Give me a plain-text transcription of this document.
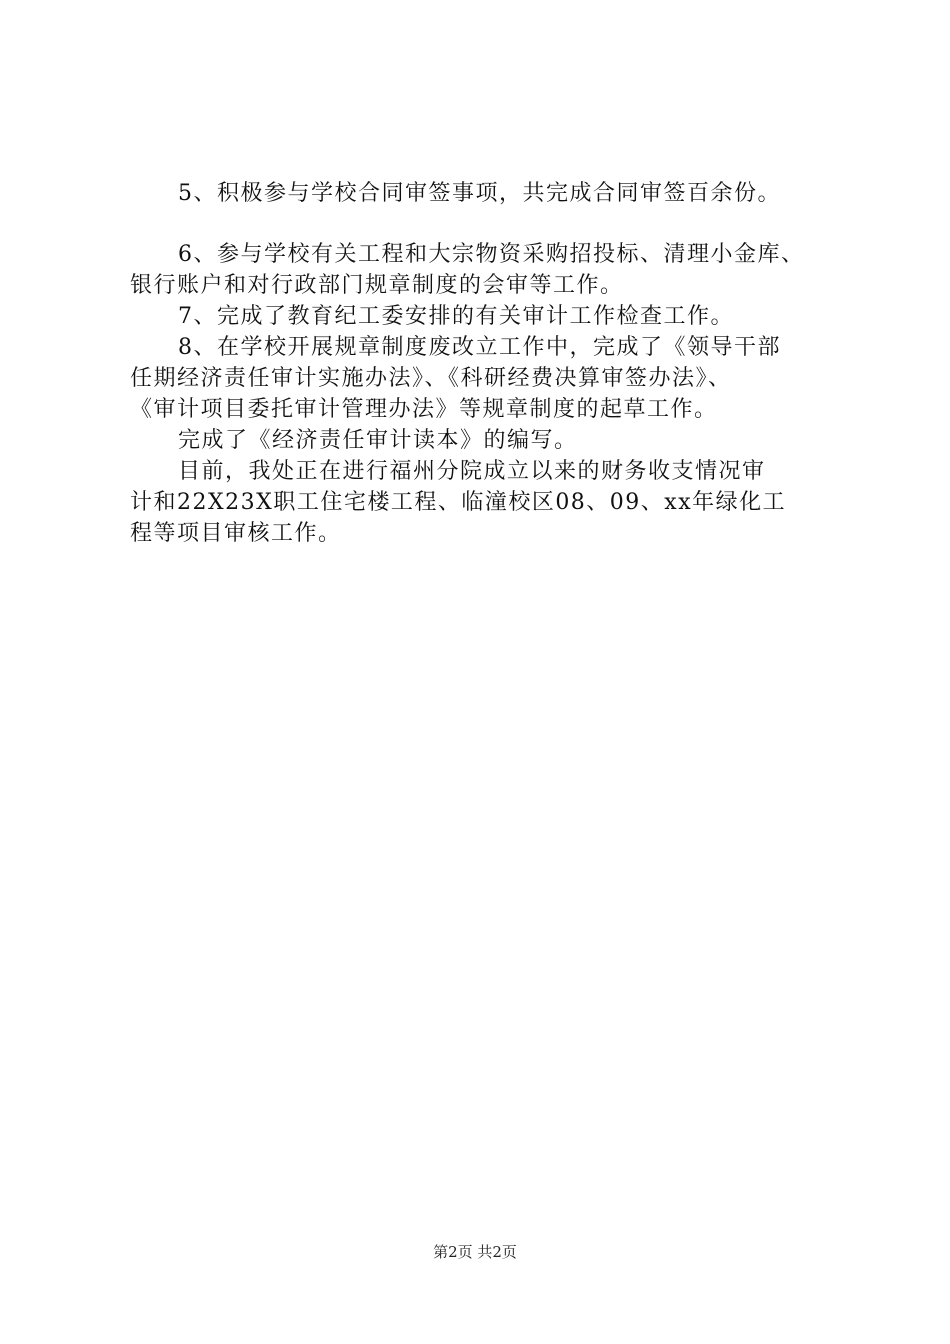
5、积极参与学校合同审签事项，共完成合同审签百余份。
6、参与学校有关工程和大宗物资采购招投标、清理小金库、
银行账户和对行政部门规章制度的会审等工作。
7、完成了教育纪工委安排的有关审计工作检查工作。
8、在学校开展规章制度废改立工作中，完成了《领导干部
任期经济责任审计实施办法》、《科研经费决算审签办法》、
《审计项目委托审计管理办法》等规章制度的起草工作。
完成了《经济责任审计读本》的编写。
目前，我处正在进行福州分院成立以来的财务收支情况审
计和22X23X职工住宅楼工程、临潼校区08、09、xx年绿化工
程等项目审核工作。
第2页 共2页
